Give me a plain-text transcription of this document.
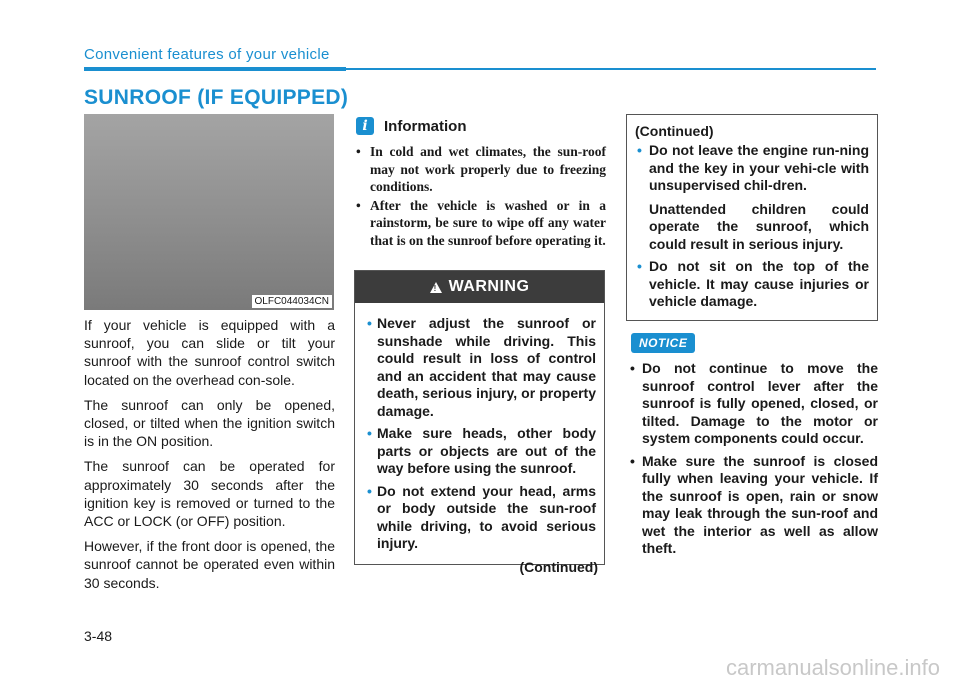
Convenient features of your vehicle
SUNROOF (IF EQUIPPED)
OLFC044034CN

If your vehicle is equipped with a sunroof, you can slide or tilt your sunroof with the sunroof control switch located on the overhead con-sole.

The sunroof can only be opened, closed, or tilted when the ignition switch is in the ON position.

The sunroof can be operated for approximately 30 seconds after the ignition key is removed or turned to the ACC or LOCK (or OFF) position.

However, if the front door is opened, the sunroof cannot be operated even within 30 seconds.

i	Information
• In cold and wet climates, the sun-roof may not work properly due to freezing conditions.
• After the vehicle is washed or in a rainstorm, be sure to wipe off any water that is on the sunroof before operating it.
! WARNING
• Never adjust the sunroof or sunshade while driving. This could result in loss of control and an accident that may cause death, serious injury, or property damage.
• Make sure heads, other body parts or objects are out of the way before using the sunroof.
• Do not extend your head, arms or body outside the sun-roof while driving, to avoid serious injury.
(Continued)
(Continued)
• Do not leave the engine run-ning and the key in your vehi-cle with unsupervised chil-dren.
Unattended children could operate the sunroof, which could result in serious injury.
• Do not sit on the top of the vehicle. It may cause injuries or vehicle damage.
NOTICE
• Do not continue to move the sunroof control lever after the sunroof is fully opened, closed, or tilted. Damage to the motor or system components could occur.
• Make sure the sunroof is closed fully when leaving your vehicle. If the sunroof is open, rain or snow may leak through the sun-roof and wet the interior as well as allow theft.
3-48
carmanualsonline.info
